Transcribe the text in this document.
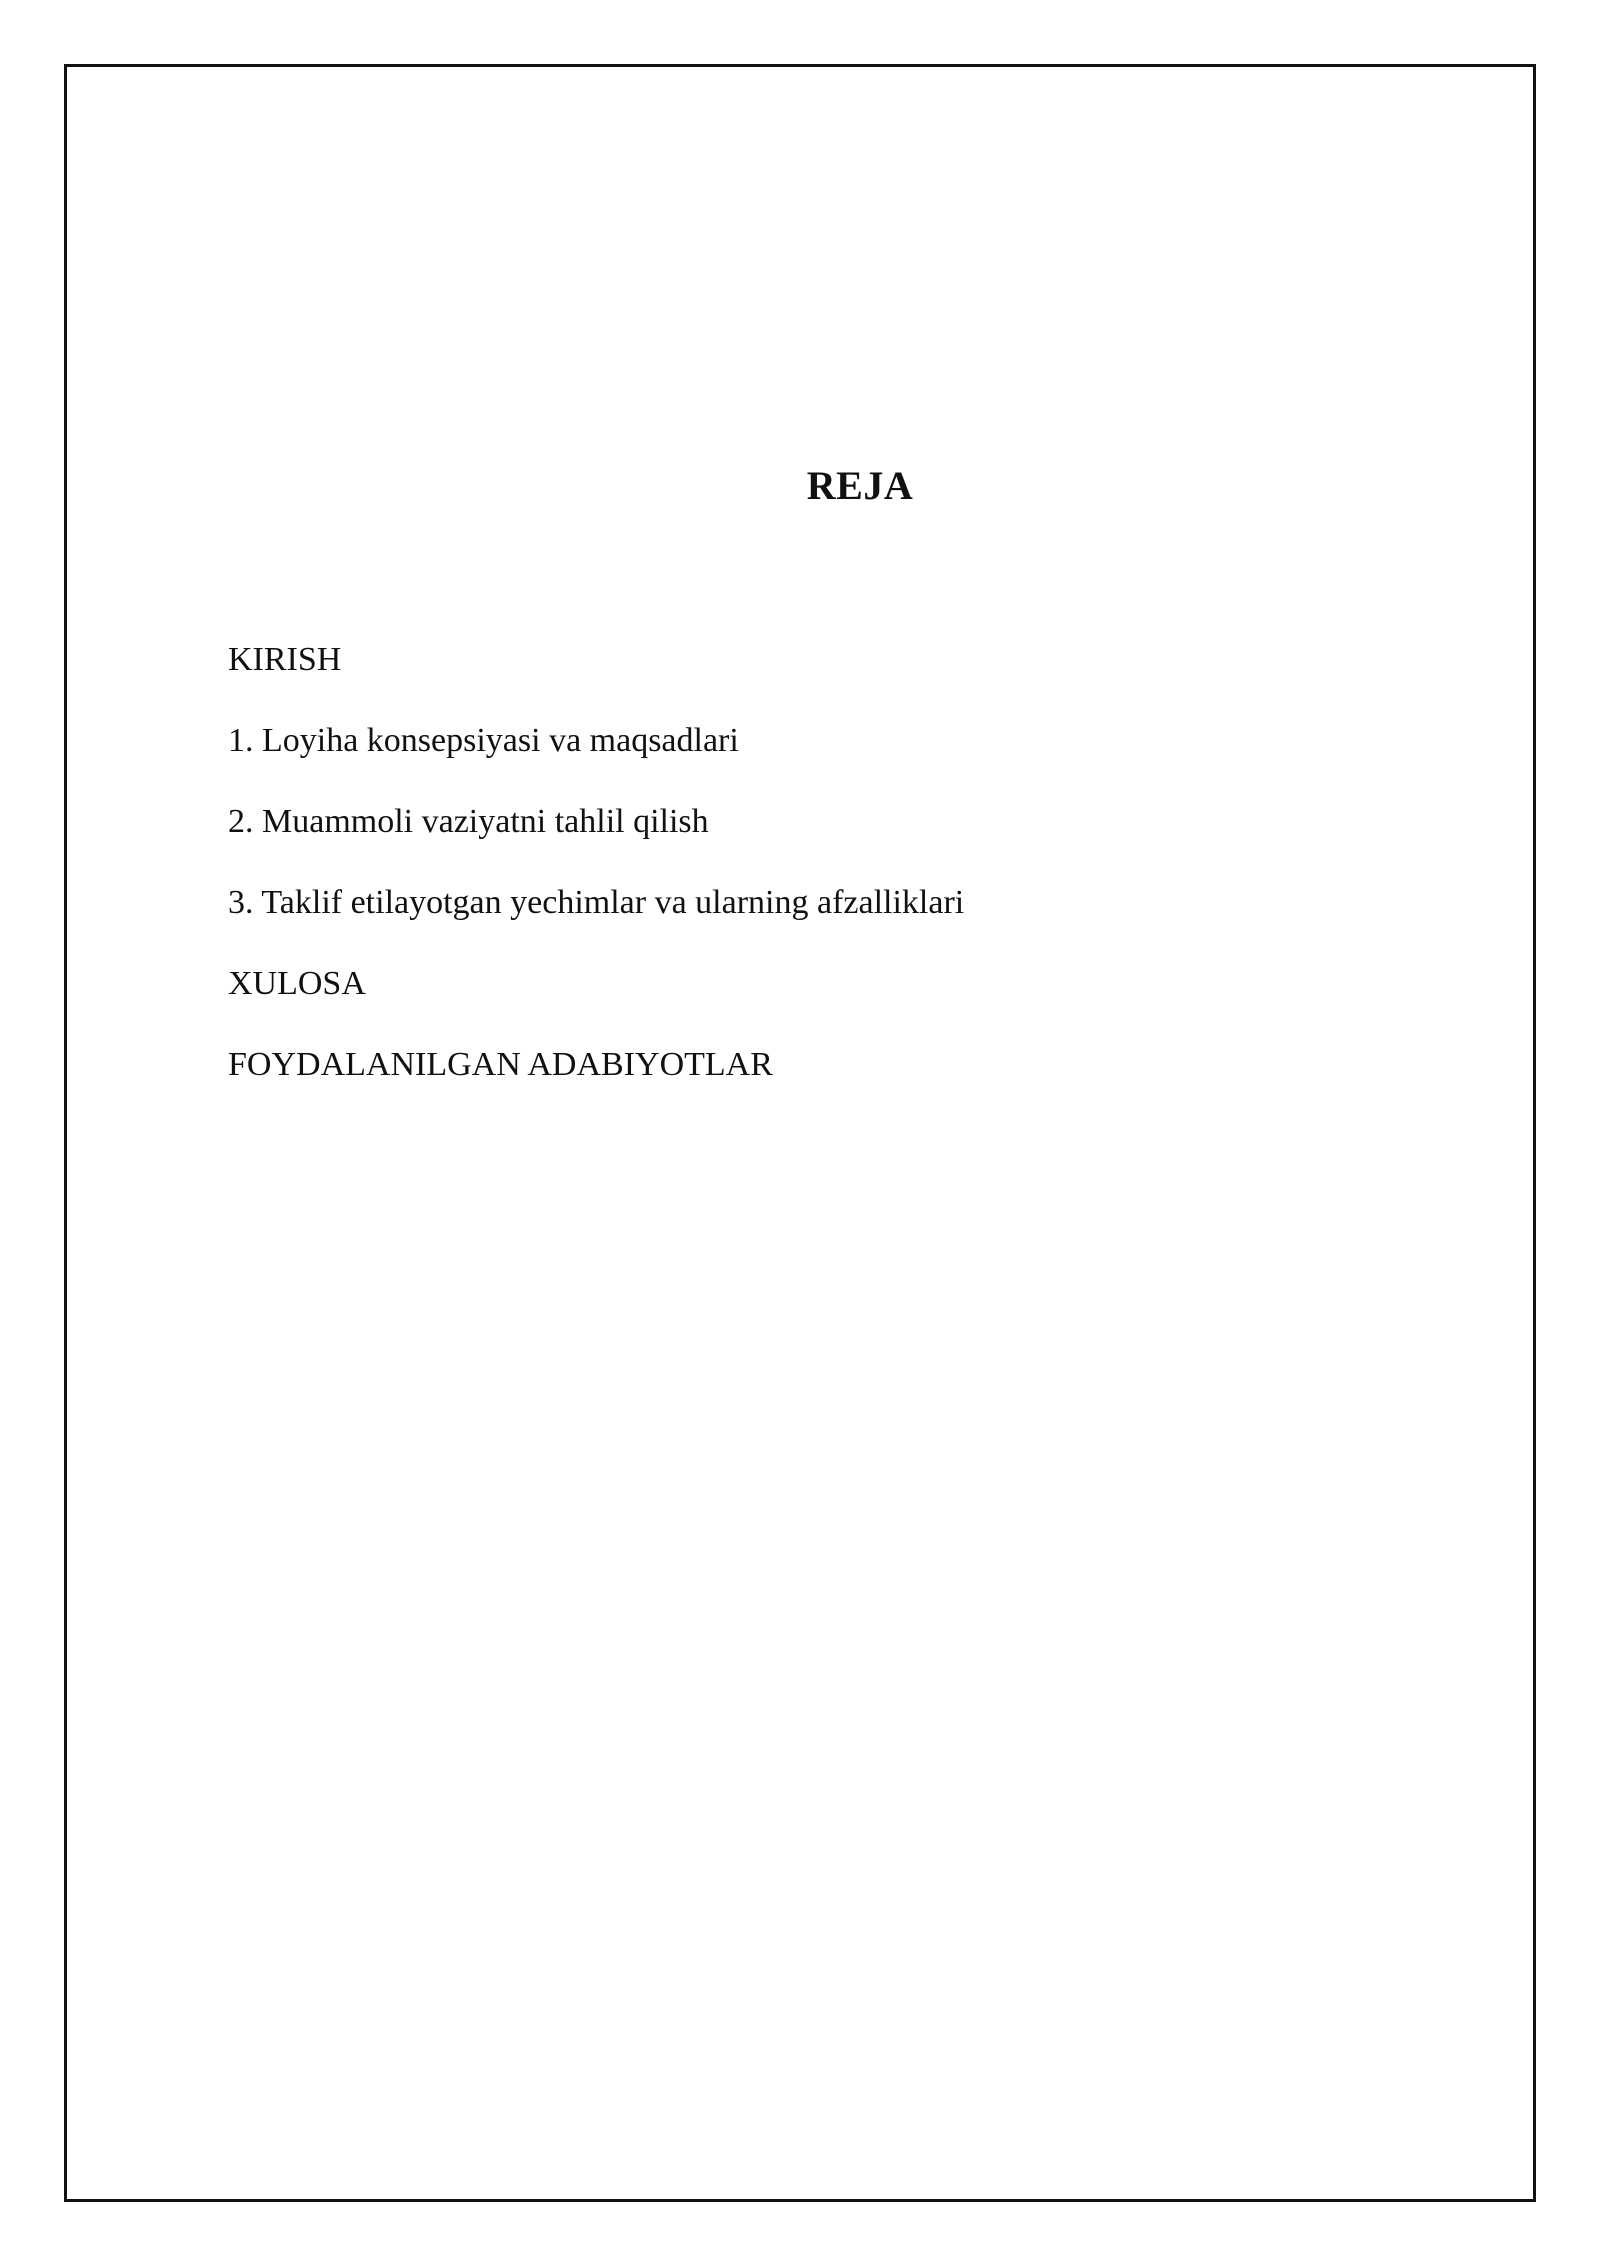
REJA
KIRISH
1. Loyiha konsepsiyasi va maqsadlari
2. Muammoli vaziyatni tahlil qilish
3. Taklif etilayotgan yechimlar va ularning afzalliklari
XULOSA
FOYDALANILGAN ADABIYOTLAR
